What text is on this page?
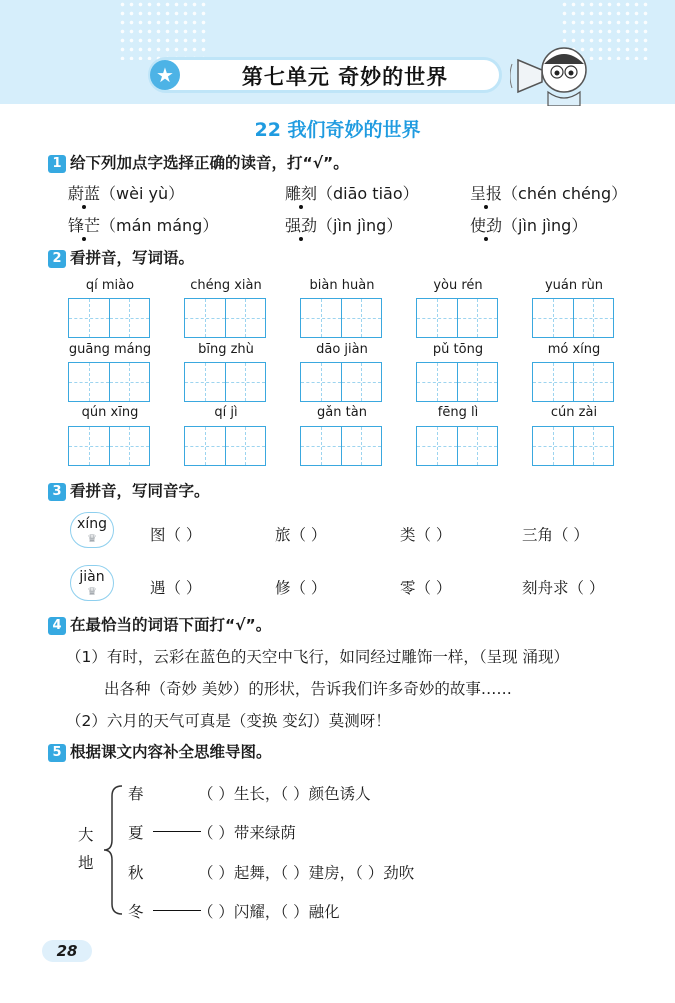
★	第七单元 奇妙的世界
22 我们奇妙的世界
1 给下列加点字选择正确的读音，打“√”。
蔚蓝（wèi yù）	雕刻（diāo tiāo）	呈报（chén chéng）
锋芒（mán máng）	强劲（jìn jìng）	使劲（jìn jìng）
2 看拼音，写词语。
qí miào	chéng xiàn	biàn huàn	yòu rén	yuán rùn
guāng máng	bīng zhù	dāo jiàn	pǔ tōng	mó xíng
qún xīng	qí jì	gǎn tàn	fēng lì	cún zài
3 看拼音，写同音字。
xíng
♛	图（ ）	旅（ ）	类（ ）	三角（ ）
jiàn
♛	遇（ ）	修（ ）	零（ ）	刻舟求（ ）
4 在最恰当的词语下面打“√”。
（1）有时，云彩在蓝色的天空中飞行，如同经过雕饰一样，（呈现 涌现）
出各种（奇妙 美妙）的形状，告诉我们许多奇妙的故事……
（2）六月的天气可真是（变换 变幻）莫测呀！
5 根据课文内容补全思维导图。
大
地
春	（ ）生长，（ ）颜色诱人
夏	（ ）带来绿荫
秋	（ ）起舞，（ ）建房，（ ）劲吹
冬	（ ）闪耀，（ ）融化
28
